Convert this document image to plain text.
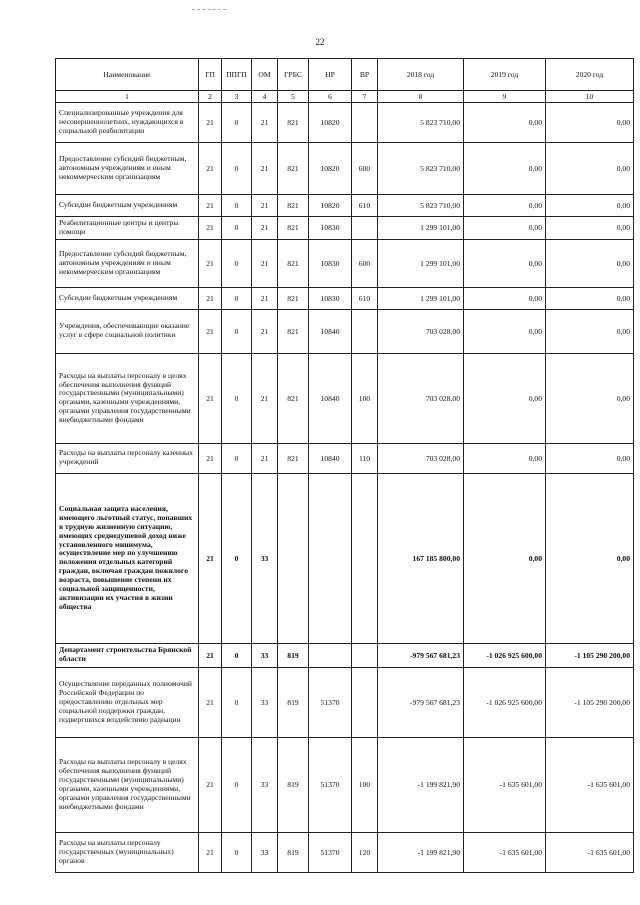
22
Наименование	ГП	ППГП	ОМ	ГРБС	НР	ВР	2018 год	2019 год	2020 год
1	2	3	4	5	6	7	8	9	10
Специализированные учреждения для несовершеннолетних, нуждающихся в социальной реабилитации	21	0	21	821	10820		5 823 710,00	0,00	0,00
Предоставление субсидий бюджетным, автономным учреждениям и иным некоммерческим организациям	21	0	21	821	10820	600	5 823 710,00	0,00	0,00
Субсидии бюджетным учреждениям	21	0	21	821	10820	610	5 823 710,00	0,00	0,00
Реабилитационные центры и центры помощи	21	0	21	821	10830		1 299 101,00	0,00	0,00
Предоставление субсидий бюджетным, автономным учреждениям и иным некоммерческим организациям	21	0	21	821	10830	600	1 299 101,00	0,00	0,00
Субсидии бюджетным учреждениям	21	0	21	821	10830	610	1 299 101,00	0,00	0,00
Учреждения, обеспечивающие оказание услуг в сфере социальной политики	21	0	21	821	10840		703 028,00	0,00	0,00
Расходы на выплаты персоналу в целях обеспечения выполнения функций государственными (муниципальными) органами, казенными учреждениями, органами управления государственными внебюджетными фондами	21	0	21	821	10840	100	703 028,00	0,00	0,00
Расходы на выплаты персоналу казенных учреждений	21	0	21	821	10840	110	703 028,00	0,00	0,00
Социальная защита населения, имеющего льготный статус, попавших в трудную жизненную ситуацию, имеющих среднедушевой доход ниже установленного минимума, осуществление мер по улучшению положения отдельных категорий граждан, включая граждан пожилого возраста, повышение степени их социальной защищенности, активизации их участия в жизни общества	21	0	33				167 185 800,00	0,00	0,00
Департамент строительства Брянской области	21	0	33	819			-979 567 681,23	-1 026 925 600,00	-1 105 290 200,00
Осуществление переданных полномочий Российской Федерации по предоставлению отдельных мер социальной поддержки граждан, подвергшихся воздействию радиации	21	0	33	819	51370		-979 567 681,23	-1 026 925 600,00	-1 105 290 200,00
Расходы на выплаты персоналу в целях обеспечения выполнения функций государственными (муниципальными) органами, казенными учреждениями, органами управления государственными внебюджетными фондами	21	0	33	819	51370	100	-1 199 821,90	-1 635 601,00	-1 635 601,00
Расходы на выплаты персоналу государственных (муниципальных) органов	21	0	33	819	51370	120	-1 199 821,90	-1 635 601,00	-1 635 601,00
